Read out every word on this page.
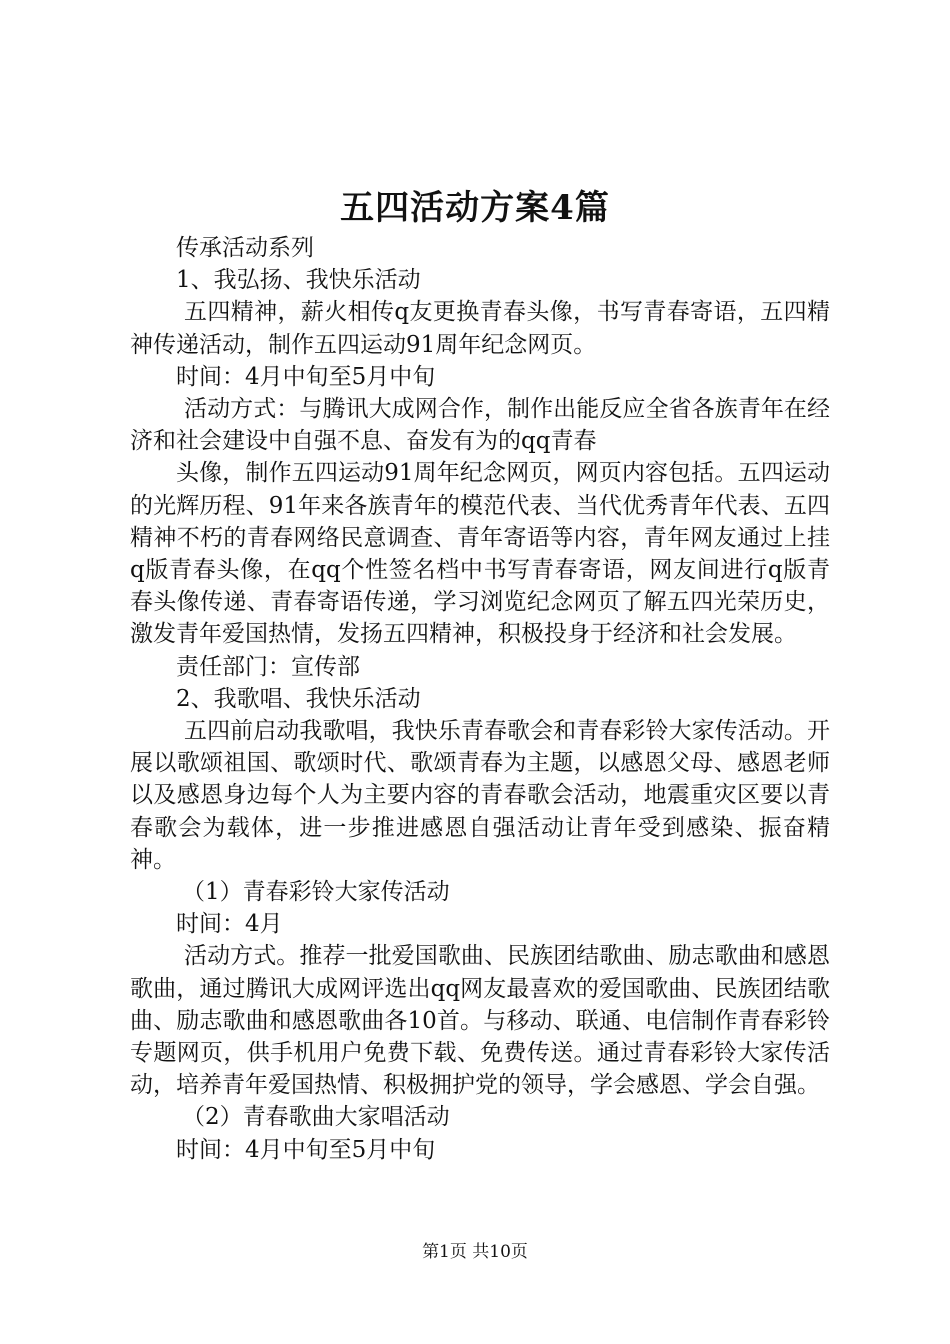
五四活动方案4篇

传承活动系列

1、我弘扬、我快乐活动

五四精神，薪火相传q友更换青春头像，书写青春寄语，五四精神传递活动，制作五四运动91周年纪念网页。

时间：4月中旬至5月中旬

活动方式：与腾讯大成网合作，制作出能反应全省各族青年在经济和社会建设中自强不息、奋发有为的qq青春

头像，制作五四运动91周年纪念网页，网页内容包括。五四运动的光辉历程、91年来各族青年的模范代表、当代优秀青年代表、五四精神不朽的青春网络民意调查、青年寄语等内容，青年网友通过上挂q版青春头像，在qq个性签名档中书写青春寄语，网友间进行q版青春头像传递、青春寄语传递，学习浏览纪念网页了解五四光荣历史，激发青年爱国热情，发扬五四精神，积极投身于经济和社会发展。

责任部门：宣传部

2、我歌唱、我快乐活动

五四前启动我歌唱，我快乐青春歌会和青春彩铃大家传活动。开展以歌颂祖国、歌颂时代、歌颂青春为主题，以感恩父母、感恩老师以及感恩身边每个人为主要内容的青春歌会活动，地震重灾区要以青春歌会为载体，进一步推进感恩自强活动让青年受到感染、振奋精神。

（1）青春彩铃大家传活动

时间：4月

活动方式。推荐一批爱国歌曲、民族团结歌曲、励志歌曲和感恩歌曲，通过腾讯大成网评选出qq网友最喜欢的爱国歌曲、民族团结歌曲、励志歌曲和感恩歌曲各10首。与移动、联通、电信制作青春彩铃专题网页，供手机用户免费下载、免费传送。通过青春彩铃大家传活动，培养青年爱国热情、积极拥护党的领导，学会感恩、学会自强。

（2）青春歌曲大家唱活动

时间：4月中旬至5月中旬

第1页 共10页
